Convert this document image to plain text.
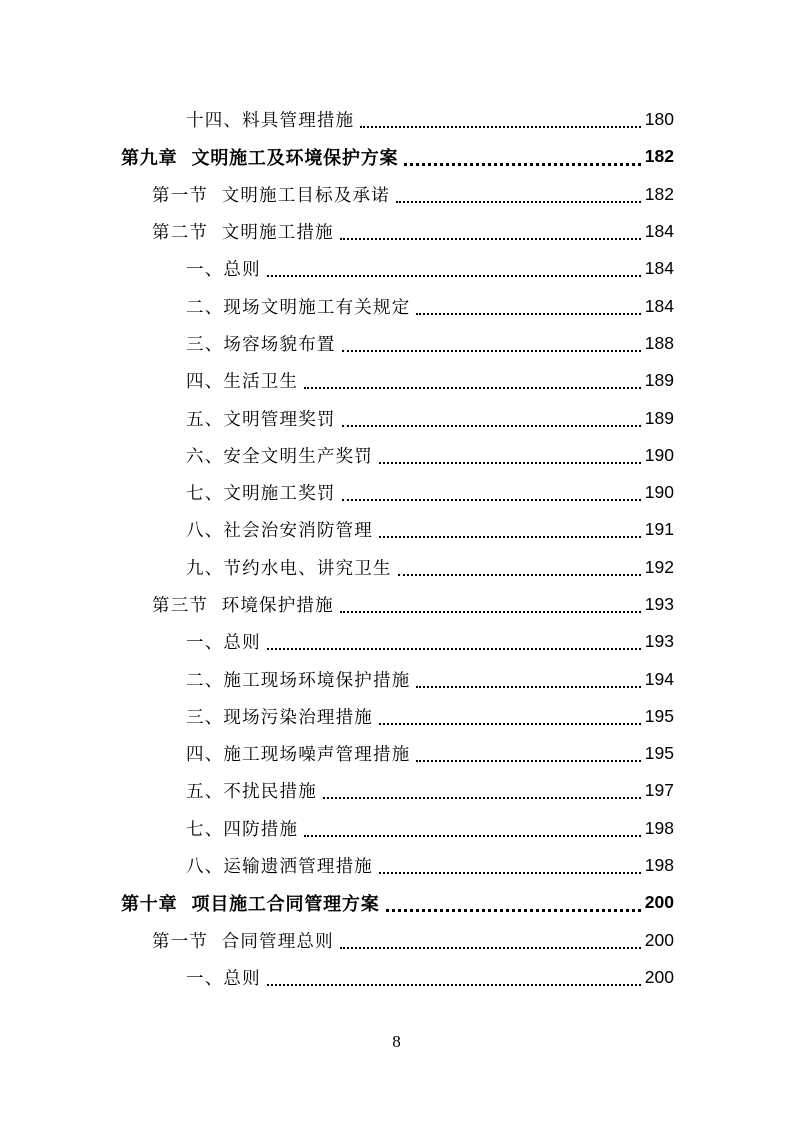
十四、料具管理措施	180
第九章  文明施工及环境保护方案	182
第一节  文明施工目标及承诺	182
第二节  文明施工措施	184
一、总则	184
二、现场文明施工有关规定	184
三、场容场貌布置	188
四、生活卫生	189
五、文明管理奖罚	189
六、安全文明生产奖罚	190
七、文明施工奖罚	190
八、社会治安消防管理	191
九、节约水电、讲究卫生	192
第三节  环境保护措施	193
一、总则	193
二、施工现场环境保护措施	194
三、现场污染治理措施	195
四、施工现场噪声管理措施	195
五、不扰民措施	197
七、四防措施	198
八、运输遗洒管理措施	198
第十章  项目施工合同管理方案	200
第一节  合同管理总则	200
一、总则	200
8
